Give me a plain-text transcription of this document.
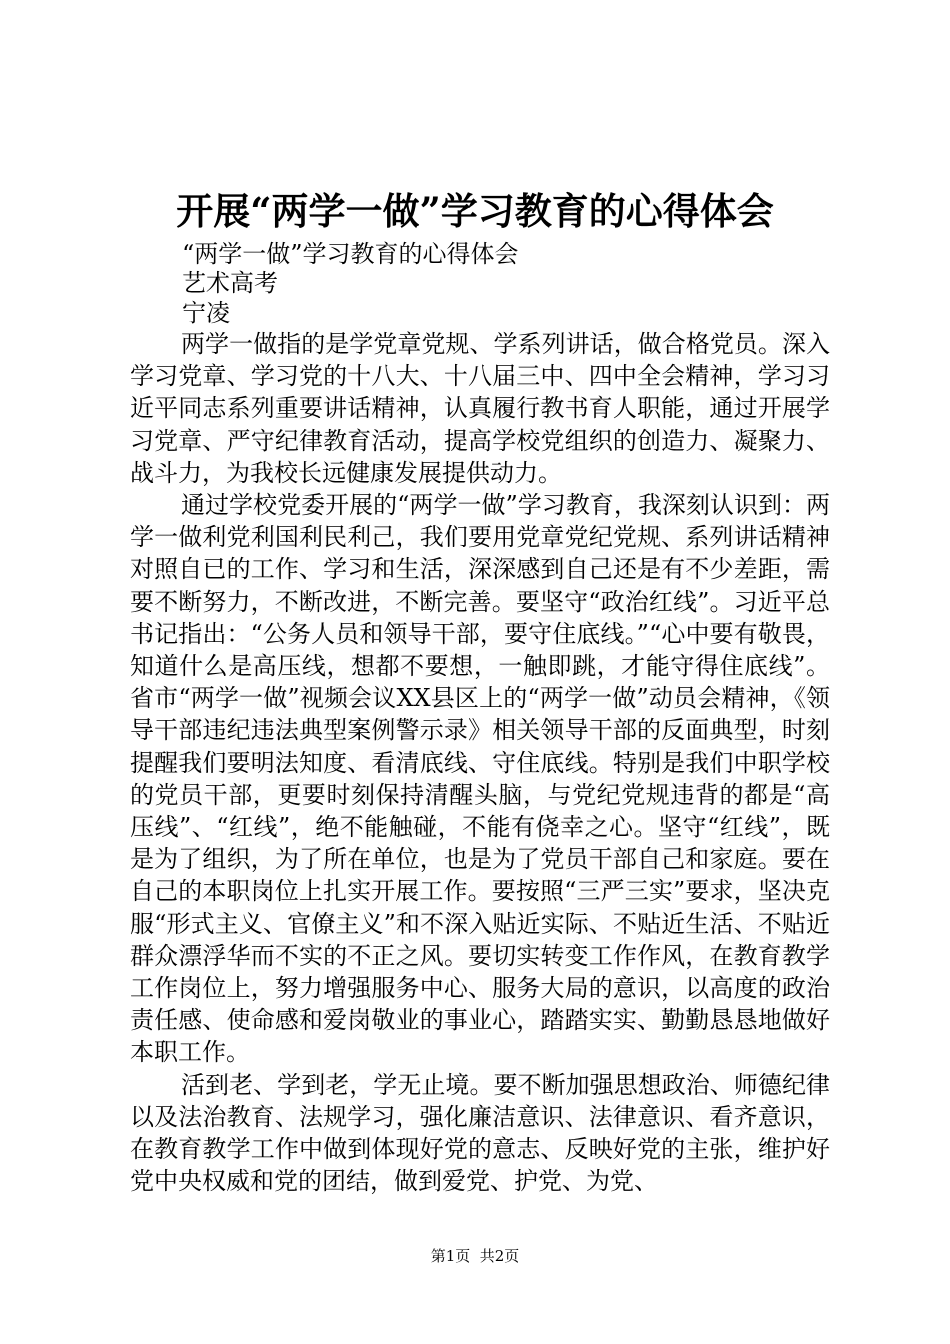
开展“两学一做”学习教育的心得体会
“两学一做”学习教育的心得体会
艺术高考
宁凌

两学一做指的是学党章党规、学系列讲话，做合格党员。深入学习党章、学习党的十八大、十八届三中、四中全会精神，学习习近平同志系列重要讲话精神，认真履行教书育人职能，通过开展学习党章、严守纪律教育活动，提高学校党组织的创造力、凝聚力、战斗力，为我校长远健康发展提供动力。

通过学校党委开展的“两学一做”学习教育，我深刻认识到：两学一做利党利国利民利己，我们要用党章党纪党规、系列讲话精神对照自已的工作、学习和生活，深深感到自己还是有不少差距，需要不断努力，不断改进，不断完善。要坚守“政治红线”。习近平总书记指出：“公务人员和领导干部，要守住底线。”“心中要有敬畏，知道什么是高压线，想都不要想，一触即跳，才能守得住底线”。省市“两学一做”视频会议XX县区上的“两学一做”动员会精神，《领导干部违纪违法典型案例警示录》相关领导干部的反面典型，时刻提醒我们要明法知度、看清底线、守住底线。特别是我们中职学校的党员干部，更要时刻保持清醒头脑，与党纪党规违背的都是“高压线”、“红线”，绝不能触碰，不能有侥幸之心。坚守“红线”，既是为了组织，为了所在单位，也是为了党员干部自己和家庭。要在自己的本职岗位上扎实开展工作。要按照“三严三实”要求，坚决克服“形式主义、官僚主义”和不深入贴近实际、不贴近生活、不贴近群众漂浮华而不实的不正之风。要切实转变工作作风，在教育教学工作岗位上，努力增强服务中心、服务大局的意识，以高度的政治责任感、使命感和爱岗敬业的事业心，踏踏实实、勤勤恳恳地做好本职工作。

活到老、学到老，学无止境。要不断加强思想政治、师德纪律以及法治教育、法规学习，强化廉洁意识、法律意识、看齐意识，在教育教学工作中做到体现好党的意志、反映好党的主张，维护好党中央权威和党的团结，做到爱党、护党、为党、

第1页  共2页
